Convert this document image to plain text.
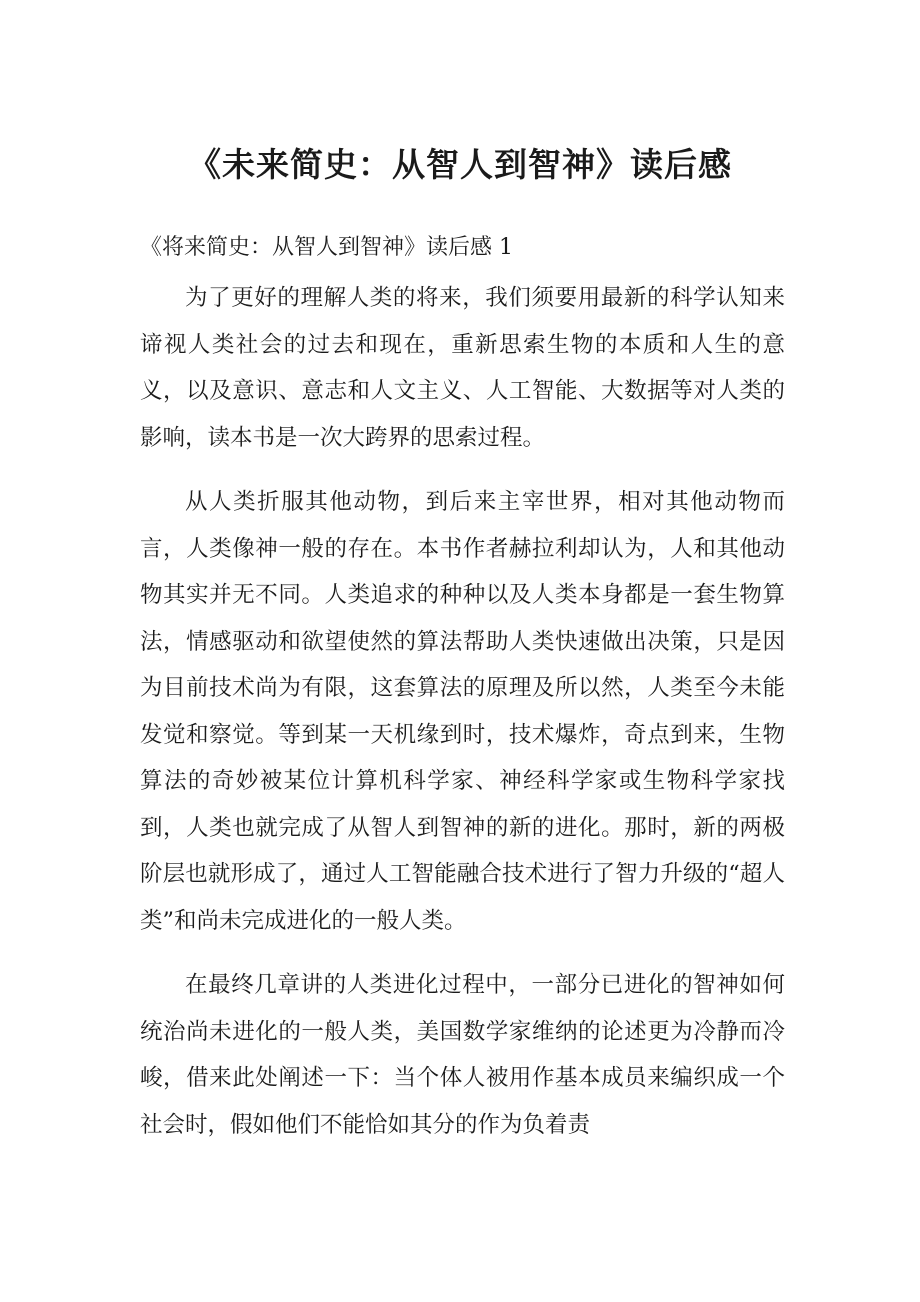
《未来简史：从智人到智神》读后感

《将来简史：从智人到智神》读后感 1

为了更好的理解人类的将来，我们须要用最新的科学认知来谛视人类社会的过去和现在，重新思索生物的本质和人生的意义，以及意识、意志和人文主义、人工智能、大数据等对人类的影响，读本书是一次大跨界的思索过程。

从人类折服其他动物，到后来主宰世界，相对其他动物而言，人类像神一般的存在。本书作者赫拉利却认为，人和其他动物其实并无不同。人类追求的种种以及人类本身都是一套生物算法，情感驱动和欲望使然的算法帮助人类快速做出决策，只是因为目前技术尚为有限，这套算法的原理及所以然，人类至今未能发觉和察觉。等到某一天机缘到时，技术爆炸，奇点到来，生物算法的奇妙被某位计算机科学家、神经科学家或生物科学家找到，人类也就完成了从智人到智神的新的进化。那时，新的两极阶层也就形成了，通过人工智能融合技术进行了智力升级的“超人类”和尚未完成进化的一般人类。

在最终几章讲的人类进化过程中，一部分已进化的智神如何统治尚未进化的一般人类，美国数学家维纳的论述更为冷静而冷峻，借来此处阐述一下：当个体人被用作基本成员来编织成一个社会时，假如他们不能恰如其分的作为负着责
